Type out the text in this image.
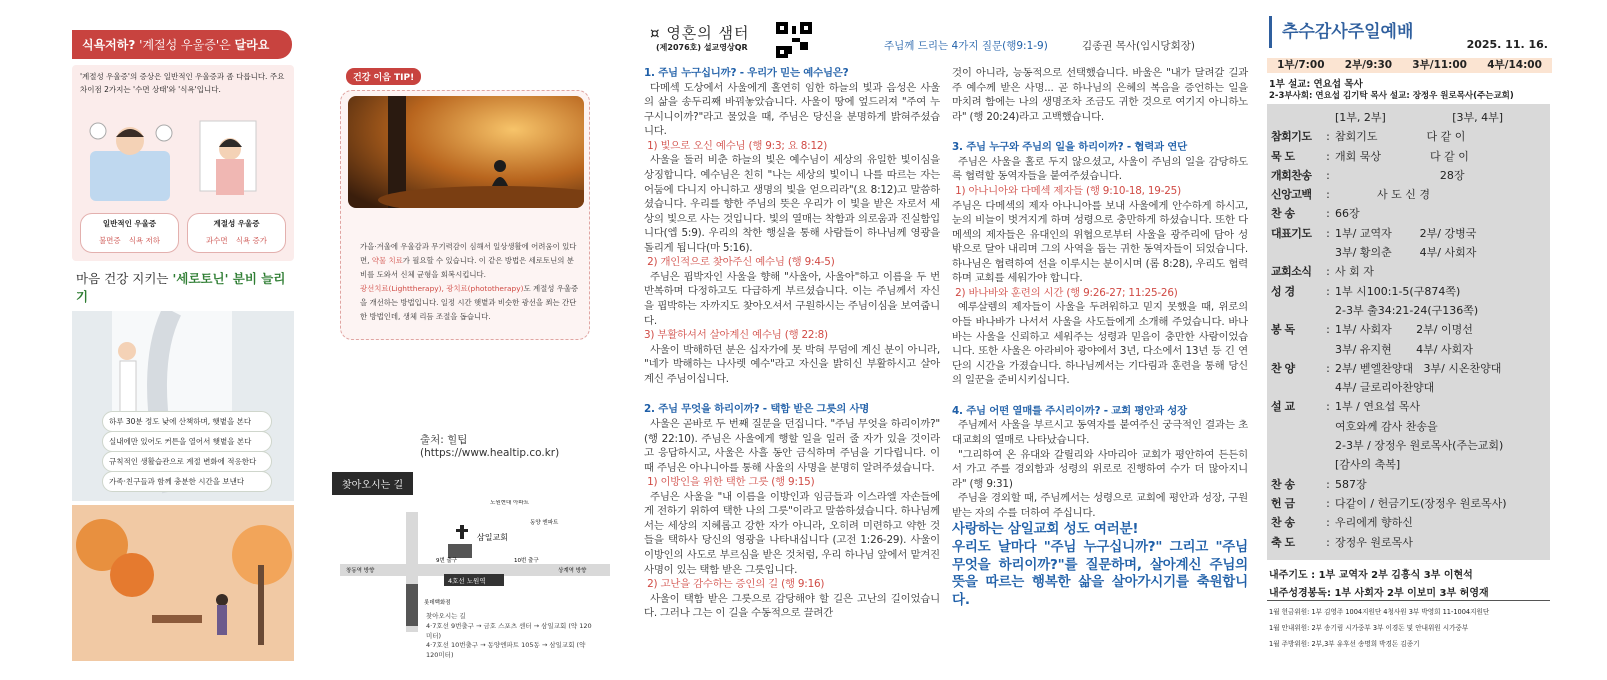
식욕저하? '계절성 우울증'은 달라요
'계절성 우울증'의 증상은 일반적인 우울증과 좀 다릅니다. 주요 차이점 2가지는 '수면 상태'와 '식욕'입니다.
일반적인 우울증
불면증 식욕 저하
계절성 우울증
과수면 식욕 증가
마음 건강 지키는 '세로토닌' 분비 늘리기
하루 30분 정도 낮에 산책하며, 햇볕을 본다
실내에만 있어도 커튼을 열어서 햇볕을 본다
규칙적인 생활습관으로 계절 변화에 적응한다
가족·친구들과 함께 충분한 시간을 보낸다
건강 이음 TIP!
가을·겨울에 우울감과 무기력감이 심해서 일상생활에 어려움이 있다면, 약물 치료가 필요할 수 있습니다. 이 같은 방법은 세로토닌의 분비를 도와서 신체 균형을 회복시킵니다.
광선치료(Lighttherapy), 광치료(phototherapy)도 계절성 우울증을 개선하는 방법입니다. 일정 시간 햇볕과 비슷한 광선을 쬐는 간단한 방법인데, 생체 리듬 조절을 돕습니다.
출처: 힐팁 (https://www.healtip.co.kr)
찾아오시는 길
삼일교회
노원현대 아파트
동양 엔파트
4호선 노원역
9번 출구	10번 출구
창동역 방향	상계역 방향
롯데백화점
찾아오시는 길
4·7호선 9번출구 → 금호 스포츠 센터 → 삼일교회 (약 120미터)
4·7호선 10번출구 → 동양엔파트 105동 → 삼일교회 (약 120미터)
¤ 영혼의 샘터
(제2076호) 설교영상QR	주님께 드리는 4가지 질문(행9:1-9)	김종권 목사(임시당회장)

1. 주님 누구십니까? - 우리가 믿는 예수님은?

다메섹 도상에서 사울에게 홀연히 임한 하늘의 빛과 음성은 사울의 삶을 송두리째 바꿔놓았습니다. 사울이 땅에 엎드러져 "주여 누구시니이까?"라고 물었을 때, 주님은 당신을 분명하게 밝혀주셨습니다.

1) 빛으로 오신 예수님 (행 9:3; 요 8:12)

사울을 둘러 비춘 하늘의 빛은 예수님이 세상의 유일한 빛이심을 상징합니다. 예수님은 친히 "나는 세상의 빛이니 나를 따르는 자는 어둠에 다니지 아니하고 생명의 빛을 얻으리라"(요 8:12)고 말씀하셨습니다. 우리를 향한 주님의 뜻은 우리가 이 빛을 받은 자로서 세상의 빛으로 사는 것입니다. 빛의 열매는 착함과 의로움과 진실함입니다(엡 5:9). 우리의 착한 행실을 통해 사람들이 하나님께 영광을 돌리게 됩니다(마 5:16).

2) 개인적으로 찾아주신 예수님 (행 9:4-5)

주님은 핍박자인 사울을 향해 "사울아, 사울아"하고 이름을 두 번 반복하며 다정하고도 다급하게 부르셨습니다. 이는 주님께서 자신을 핍박하는 자까지도 찾아오셔서 구원하시는 주님이심을 보여줍니다.

3) 부활하셔서 살아계신 예수님 (행 22:8)

사울이 박해하던 분은 십자가에 못 박혀 무덤에 계신 분이 아니라, "네가 박해하는 나사렛 예수"라고 자신을 밝히신 부활하시고 살아계신 주님이십니다.

2. 주님 무엇을 하리이까? - 택함 받은 그릇의 사명

사울은 곧바로 두 번째 질문을 던집니다. "주님 무엇을 하리이까?" (행 22:10). 주님은 사울에게 행할 일을 일러 줄 자가 있을 것이라고 응답하시고, 사울은 사흘 동안 금식하며 주님을 기다립니다. 이때 주님은 아나니아를 통해 사울의 사명을 분명히 알려주셨습니다.

1) 이방인을 위한 택한 그릇 (행 9:15)

주님은 사울을 "내 이름을 이방인과 임금들과 이스라엘 자손들에게 전하기 위하여 택한 나의 그릇"이라고 말씀하셨습니다. 하나님께서는 세상의 지혜롭고 강한 자가 아니라, 오히려 미련하고 약한 것들을 택하사 당신의 영광을 나타내십니다 (고전 1:26-29). 사울이 이방인의 사도로 부르심을 받은 것처럼, 우리 하나님 앞에서 맡겨진 사명이 있는 택함 받은 그릇입니다.

2) 고난을 감수하는 증인의 길 (행 9:16)

사울이 택함 받은 그릇으로 감당해야 할 길은 고난의 길이었습니다. 그러나 그는 이 길을 수동적으로 끌려간

것이 아니라, 능동적으로 선택했습니다. 바울은 "내가 달려갈 길과 주 예수께 받은 사명... 곧 하나님의 은혜의 복음을 증언하는 일을 마치려 함에는 나의 생명조차 조금도 귀한 것으로 여기지 아니하노라" (행 20:24)라고 고백했습니다.

3. 주님 누구와 주님의 일을 하리이까? - 협력과 연단

주님은 사울을 홀로 두지 않으셨고, 사울이 주님의 일을 감당하도록 협력할 동역자들을 붙여주셨습니다.

1) 아나니아와 다메섹 제자들 (행 9:10-18, 19-25)

주님은 다메섹의 제자 아나니아를 보내 사울에게 안수하게 하시고, 눈의 비늘이 벗겨지게 하며 성령으로 충만하게 하셨습니다. 또한 다메섹의 제자들은 유대인의 위협으로부터 사울을 광주리에 담아 성 밖으로 달아 내리며 그의 사역을 돕는 귀한 동역자들이 되었습니다. 하나님은 협력하여 선을 이루시는 분이시며 (롬 8:28), 우리도 협력하며 교회를 세워가야 합니다.

2) 바나바와 훈련의 시간 (행 9:26-27; 11:25-26)

예루살렘의 제자들이 사울을 두려워하고 믿지 못했을 때, 위로의 아들 바나바가 나서서 사울을 사도들에게 소개해 주었습니다. 바나바는 사울을 신뢰하고 세워주는 성령과 믿음이 충만한 사람이었습니다. 또한 사울은 아라비아 광야에서 3년, 다소에서 13년 등 긴 연단의 시간을 가졌습니다. 하나님께서는 기다림과 훈련을 통해 당신의 일꾼을 준비시키십니다.

4. 주님 어떤 열매를 주시리이까? - 교회 평안과 성장

주님께서 사울을 부르시고 동역자를 붙여주신 궁극적인 결과는 초대교회의 열매로 나타났습니다.

"그리하여 온 유대와 갈릴리와 사마리아 교회가 평안하여 든든히 서 가고 주를 경외함과 성령의 위로로 진행하여 수가 더 많아지니라" (행 9:31)

주님을 경외할 때, 주님께서는 성령으로 교회에 평안과 성장, 구원받는 자의 수를 더하여 주십니다.

사랑하는 삼일교회 성도 여러분!

우리도 날마다 "주님 누구십니까?" 그리고 "주님 무엇을 하리이까?"를 질문하며, 살아계신 주님의 뜻을 따르는 행복한 삶을 살아가시기를 축원합니다.

추수감사주일예배
2025. 11. 16.
1부/7:00 2부/9:30 3부/11:00 4부/14:00
1부 설교: 연요섭 목사
2-3부사회: 연요섭 김기탁 목사 설교: 장정우 원로목사(주는교회)
[1부, 2부]                   [3부, 4부]
참회기도	: 참회기도              다 같 이
묵 도	: 개회 묵상              다 같 이
개회찬송	: 28장
신앙고백	: 사 도 신 경
찬 송	: 66장
대표기도	: 1부/ 교역자        2부/ 강병국
3부/ 황의춘        4부/ 사회자
교회소식	: 사 회 자
성 경	: 1부 시100:1-5(구874쪽)
2-3부 출34:21-24(구136쪽)
봉 독	: 1부/ 사회자       2부/ 이명선
3부/ 유지현       4부/ 사회자
찬 양	: 2부/ 벧엘찬양대   3부/ 시온찬양대
4부/ 글로리아찬양대
설 교	: 1부 / 연요섭 목사
여호와께 감사 찬송을
2-3부 / 장정우 원로목사(주는교회)
[감사의 축복]
찬 송	: 587장
헌 금	: 다같이 / 헌금기도(장정우 원로목사)
찬 송	: 우리에게 향하신
축 도	: 장정우 원로목사
내주기도 : 1부 교역자 2부 김흥식 3부 이현석
내주성경봉독: 1부 사회자 2부 이보미 3부 허영재
1월 헌금위원: 1부 김영주 1004지원단 4청사원 3부 박영희 11-1004지원단
1월 안내위원: 2부 송기림 시가중부 3부 이경돈 및 안내위원 시가중부
1월 주방위원: 2부,3부 유후선 송명희 박경돈 김종기
